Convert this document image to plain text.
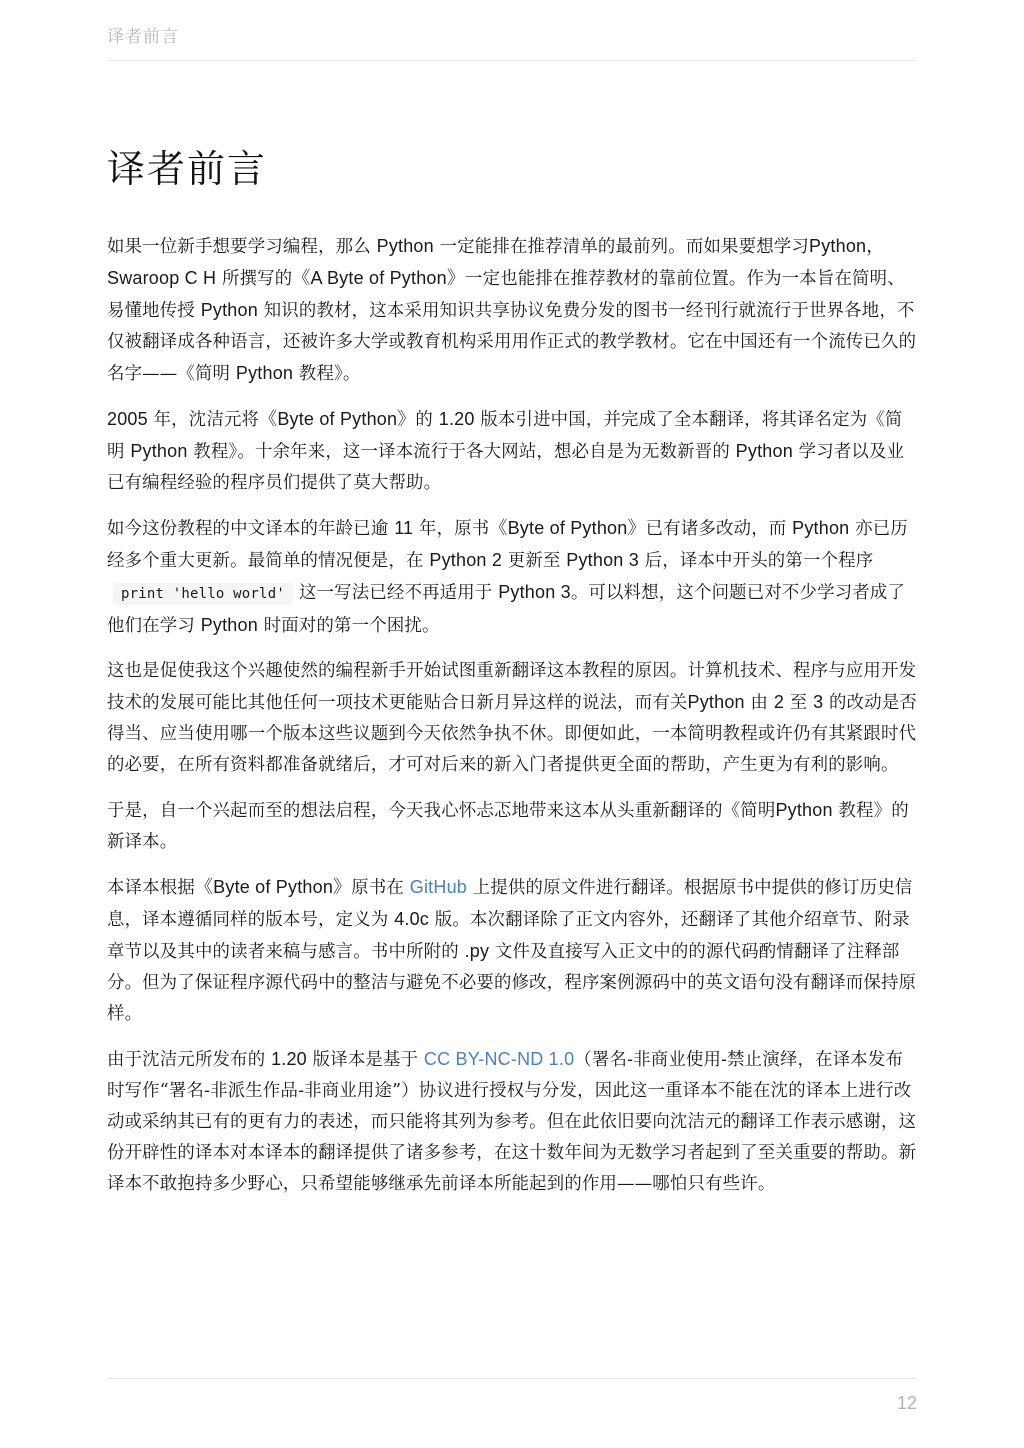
译者前言
译者前言

如果一位新手想要学习编程，那么 Python 一定能排在推荐清单的最前列。而如果要想学习Python，Swaroop C H 所撰写的《A Byte of Python》一定也能排在推荐教材的靠前位置。作为一本旨在简明、易懂地传授 Python 知识的教材，这本采用知识共享协议免费分发的图书一经刊行就流行于世界各地，不仅被翻译成各种语言，还被许多大学或教育机构采用用作正式的教学教材。它在中国还有一个流传已久的名字——《简明 Python 教程》。

2005 年，沈洁元将《Byte of Python》的 1.20 版本引进中国，并完成了全本翻译，将其译名定为《简明 Python 教程》。十余年来，这一译本流行于各大网站，想必自是为无数新晋的 Python 学习者以及业已有编程经验的程序员们提供了莫大帮助。

如今这份教程的中文译本的年龄已逾 11 年，原书《Byte of Python》已有诸多改动，而 Python 亦已历经多个重大更新。最简单的情况便是，在 Python 2 更新至 Python 3 后，译本中开头的第一个程序print 'hello world' 这一写法已经不再适用于 Python 3。可以料想，这个问题已对不少学习者成了他们在学习 Python 时面对的第一个困扰。

这也是促使我这个兴趣使然的编程新手开始试图重新翻译这本教程的原因。计算机技术、程序与应用开发技术的发展可能比其他任何一项技术更能贴合日新月异这样的说法，而有关Python 由 2 至 3 的改动是否得当、应当使用哪一个版本这些议题到今天依然争执不休。即便如此，一本简明教程或许仍有其紧跟时代的必要，在所有资料都准备就绪后，才可对后来的新入门者提供更全面的帮助，产生更为有利的影响。

于是，自一个兴起而至的想法启程，今天我心怀忐忑地带来这本从头重新翻译的《简明Python 教程》的新译本。

本译本根据《Byte of Python》原书在 GitHub 上提供的原文件进行翻译。根据原书中提供的修订历史信息，译本遵循同样的版本号，定义为 4.0c 版。本次翻译除了正文内容外，还翻译了其他介绍章节、附录章节以及其中的读者来稿与感言。书中所附的 .py 文件及直接写入正文中的的源代码酌情翻译了注释部分。但为了保证程序源代码中的整洁与避免不必要的修改，程序案例源码中的英文语句没有翻译而保持原样。

由于沈洁元所发布的 1.20 版译本是基于 CC BY-NC-ND 1.0（署名-非商业使用-禁止演绎，在译本发布时写作“署名-非派生作品-非商业用途”）协议进行授权与分发，因此这一重译本不能在沈的译本上进行改动或采纳其已有的更有力的表述，而只能将其列为参考。但在此依旧要向沈洁元的翻译工作表示感谢，这份开辟性的译本对本译本的翻译提供了诸多参考，在这十数年间为无数学习者起到了至关重要的帮助。新译本不敢抱持多少野心，只希望能够继承先前译本所能起到的作用——哪怕只有些许。

12
